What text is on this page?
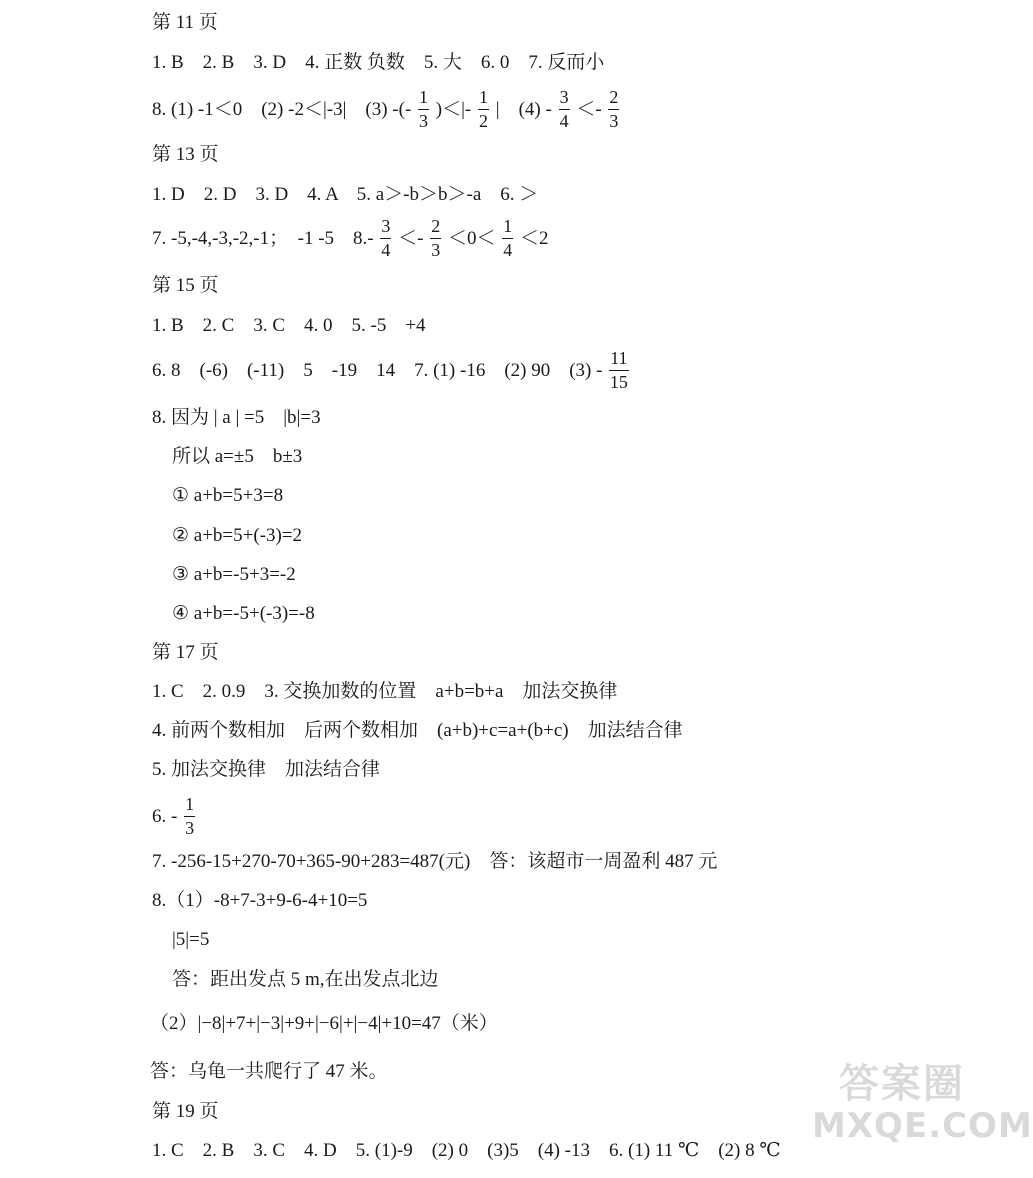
第 11 页
1. B　2. B　3. D　4. 正数 负数　5. 大　6. 0　7. 反而小
8. (1) -1＜0　(2) -2＜|-3|　(3) -(- $\frac{1}{3}$ )＜|- $\frac{1}{2}$ |　$(4) - \frac{3}{4} <- \frac{2}{3}$
第 13 页
1. D　2. D　3. D　4. A　5. a＞-b＞b＞-a　6. ＞
7. -5,-4,-3,-2,-1；　-1 -5　$8.- \frac{3}{4} <- \frac{2}{3} <0< \frac{1}{4} <2$
第 15 页
1. B　2. C　3. C　4. 0　5. -5　+4
6. 8　(-6)　(-11)　5　-19　14　7. (1) -16　(2) 90　$(3) - \frac{11}{15}$
8. 因为 | a | =5　|b|=3
所以 a=±5　b±3
① a+b=5+3=8
② a+b=5+(-3)=2
③ a+b=-5+3=-2
④ a+b=-5+(-3)=-8
第 17 页
1. C　2. 0.9　3. 交换加数的位置　a+b=b+a　加法交换律
4. 前两个数相加　后两个数相加　(a+b)+c=a+(b+c)　加法结合律
5. 加法交换律　加法结合律
6. - $\frac{1}{3}$
7. -256-15+270-70+365-90+283=487(元)　答：该超市一周盈利 487 元
8.（1）-8+7-3+9-6-4+10=5
|5|=5
答：距出发点 5 m,在出发点北边
（2）|−8|+7+|−3|+9+|−6|+|−4|+10=47（米）
答：乌龟一共爬行了 47 米。
第 19 页
1. C　2. B　3. C　4. D　5. (1)-9　(2) 0　(3)5　(4) -13　6. (1) 11 ℃　(2) 8 ℃
答案圈
MXQE.COM
